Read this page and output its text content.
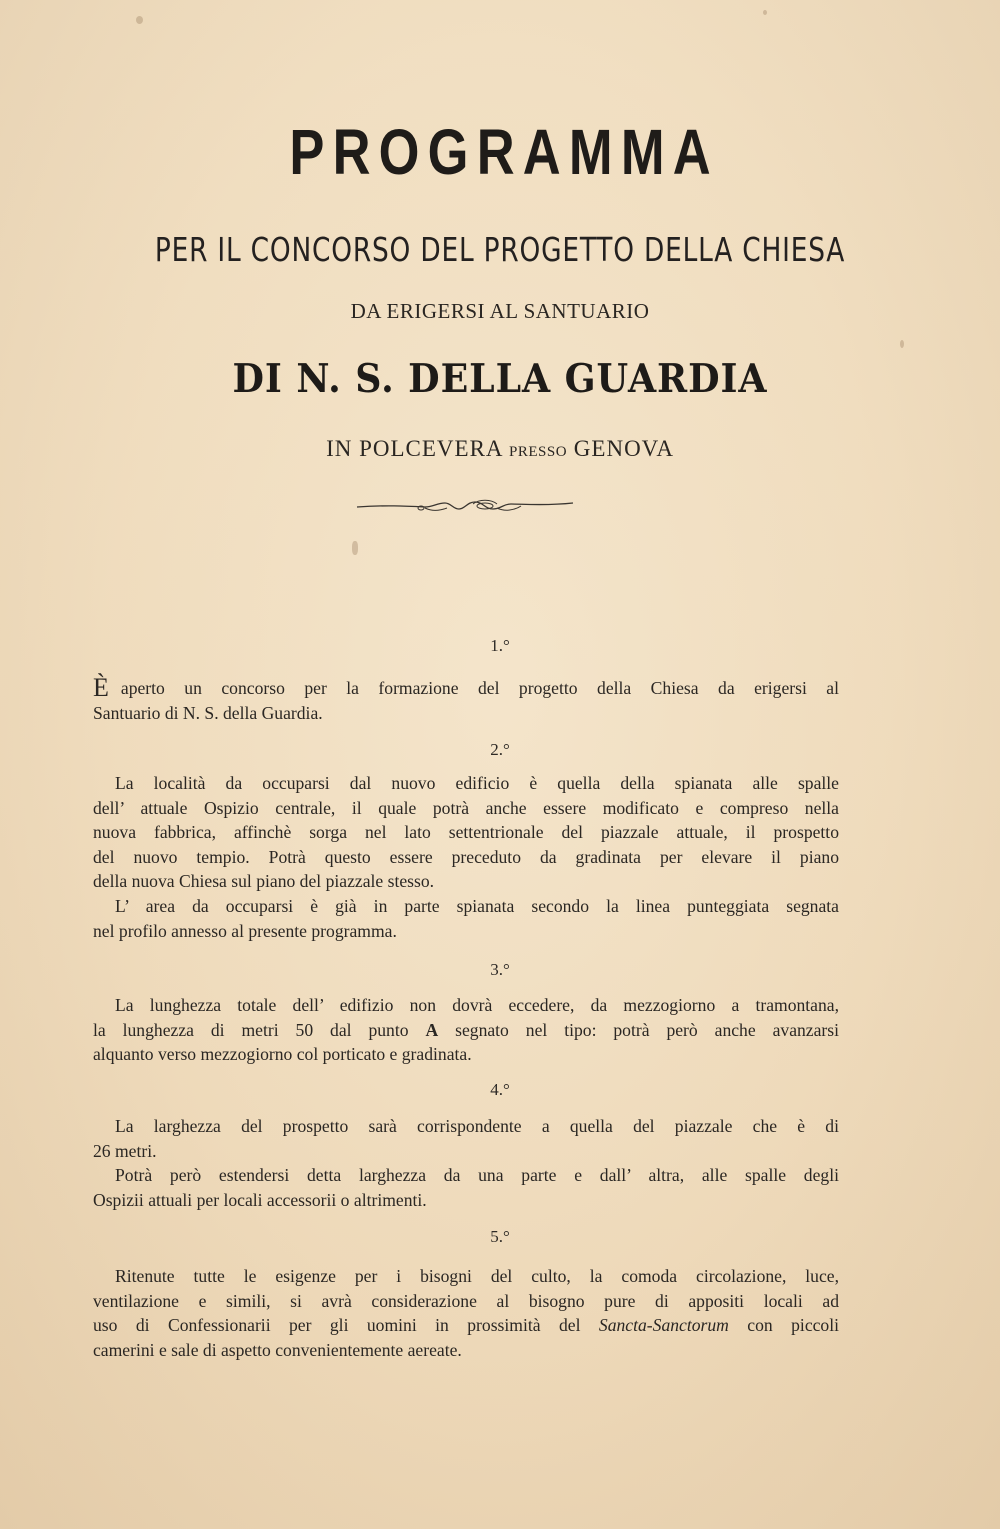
PROGRAMMA
PER IL CONCORSO DEL PROGETTO DELLA CHIESA
DA ERIGERSI AL SANTUARIO
DI N. S. DELLA GUARDIA
IN POLCEVERA PRESSO GENOVA
1.°
È aperto un concorso per la formazione del progetto della Chiesa da erigersi al
Santuario di N. S. della Guardia.
2.°
La località da occuparsi dal nuovo edificio è quella della spianata alle spalle
dell’ attuale Ospizio centrale, il quale potrà anche essere modificato e compreso nella
nuova fabbrica, affinchè sorga nel lato settentrionale del piazzale attuale, il prospetto
del nuovo tempio. Potrà questo essere preceduto da gradinata per elevare il piano
della nuova Chiesa sul piano del piazzale stesso.
L’ area da occuparsi è già in parte spianata secondo la linea punteggiata segnata
nel profilo annesso al presente programma.
3.°
La lunghezza totale dell’ edifizio non dovrà eccedere, da mezzogiorno a tramontana,
la lunghezza di metri 50 dal punto A segnato nel tipo: potrà però anche avanzarsi
alquanto verso mezzogiorno col porticato e gradinata.
4.°
La larghezza del prospetto sarà corrispondente a quella del piazzale che è di
26 metri.
Potrà però estendersi detta larghezza da una parte e dall’ altra, alle spalle degli
Ospizii attuali per locali accessorii o altrimenti.
5.°
Ritenute tutte le esigenze per i bisogni del culto, la comoda circolazione, luce,
ventilazione e simili, si avrà considerazione al bisogno pure di appositi locali ad
uso di Confessionarii per gli uomini in prossimità del Sancta-Sanctorum con piccoli
camerini e sale di aspetto convenientemente aereate.
